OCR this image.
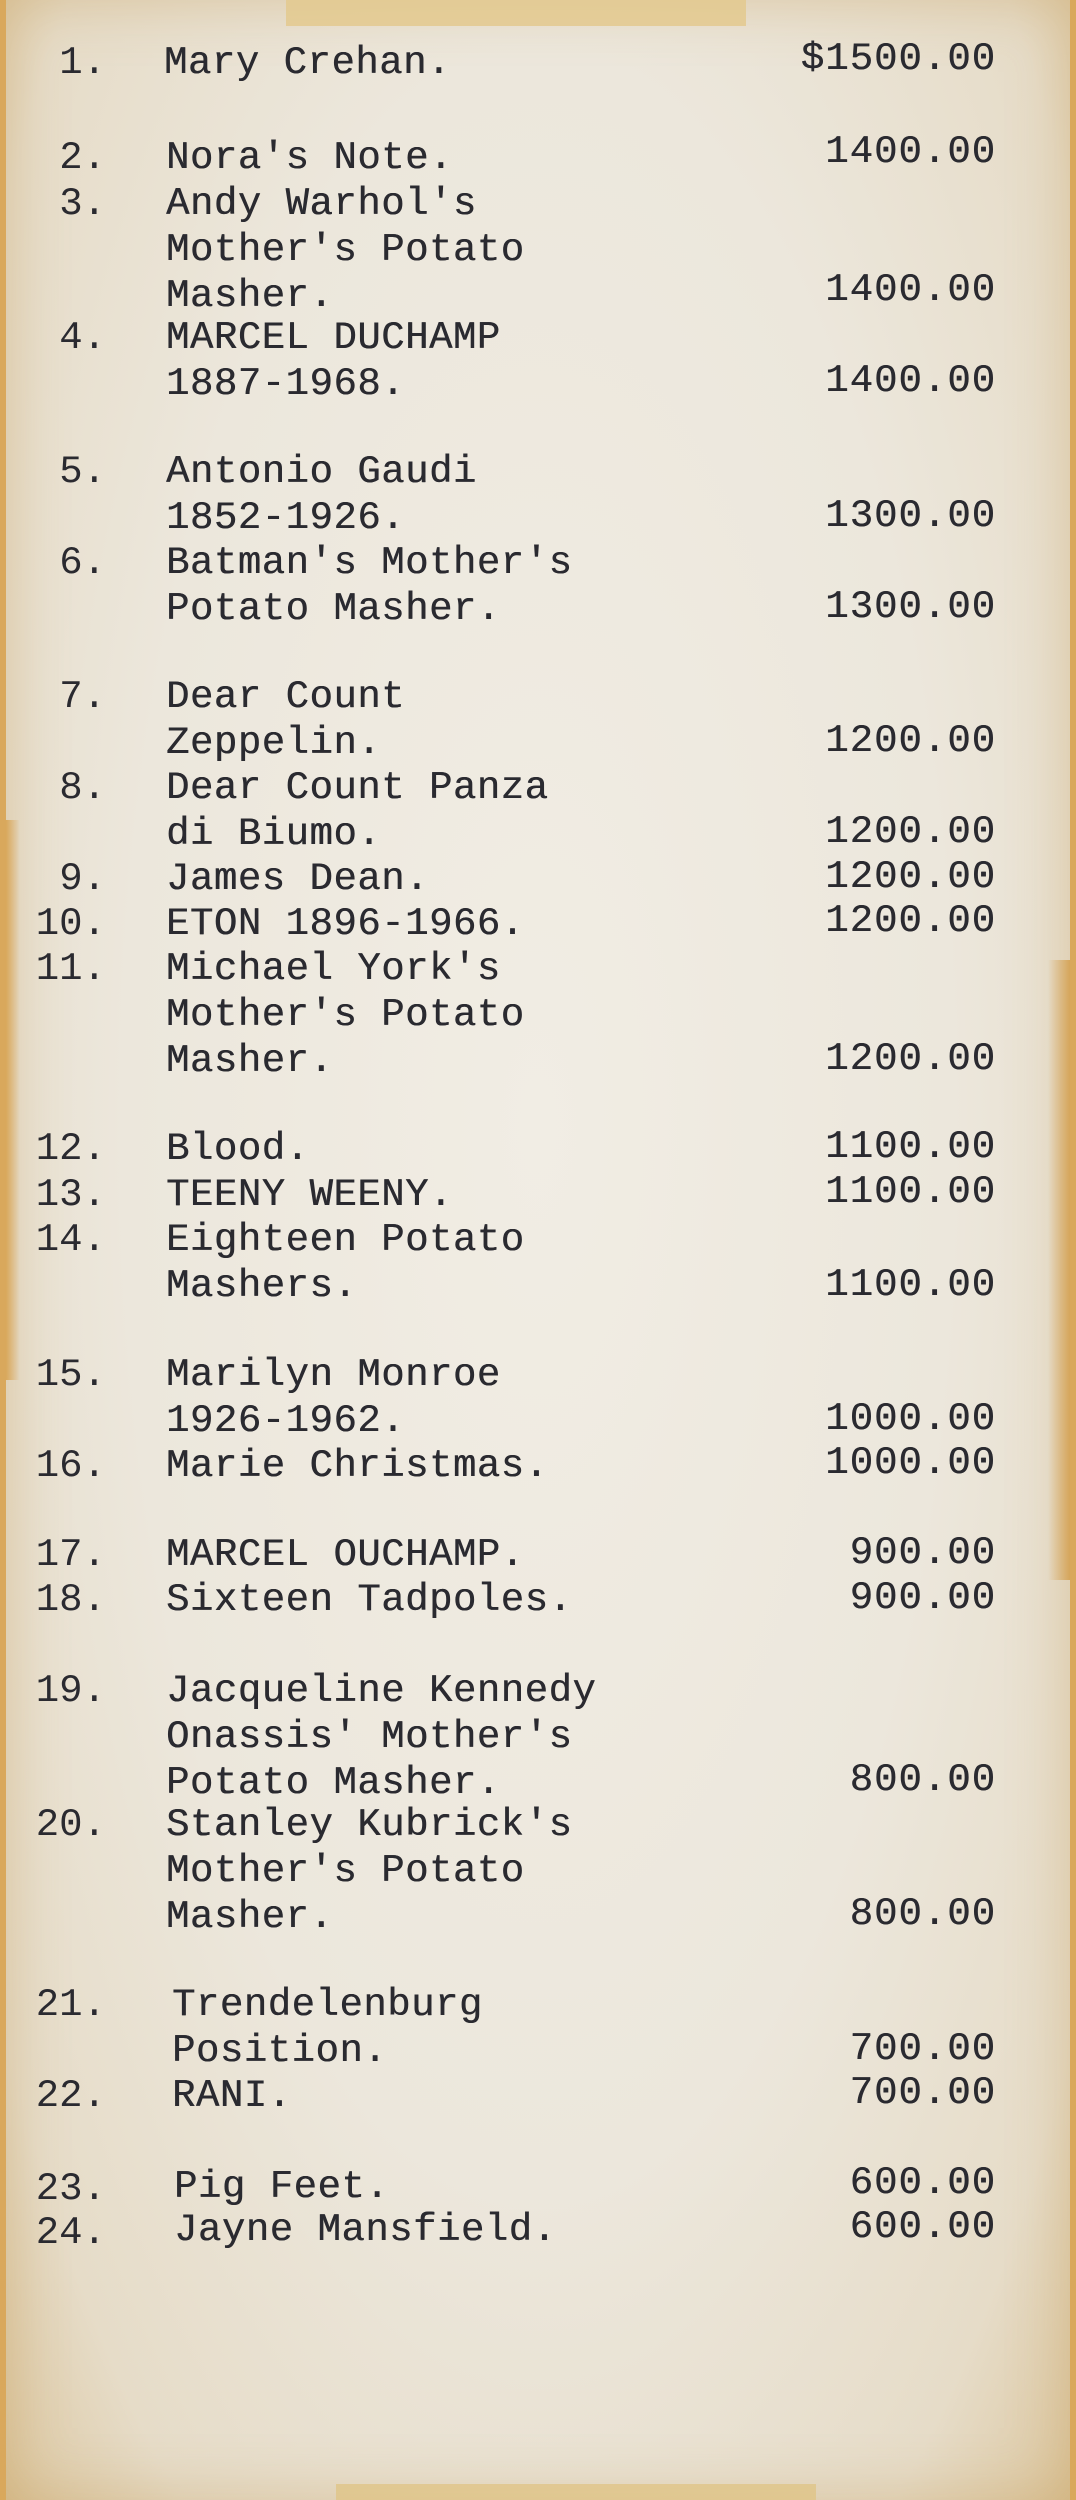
1. Mary Crehan.	$1500.00
2. Nora's Note.	1400.00
3. Andy Warhol's
Mother's Potato
Masher.	1400.00
4. MARCEL DUCHAMP
1887-1968.	1400.00
5. Antonio Gaudi
1852-1926.	1300.00
6. Batman's Mother's
Potato Masher.	1300.00
7. Dear Count
Zeppelin.	1200.00
8. Dear Count Panza
di Biumo.	1200.00
9. James Dean.	1200.00
10. ETON 1896-1966.	1200.00
11. Michael York's
Mother's Potato
Masher.	1200.00
12. Blood.	1100.00
13. TEENY WEENY.	1100.00
14. Eighteen Potato
Mashers.	1100.00
15. Marilyn Monroe
1926-1962.	1000.00
16. Marie Christmas.	1000.00
17. MARCEL OUCHAMP.	900.00
18. Sixteen Tadpoles.	900.00
19. Jacqueline Kennedy
Onassis' Mother's
Potato Masher.	800.00
20. Stanley Kubrick's
Mother's Potato
Masher.	800.00
21. Trendelenburg
Position.	700.00
22. RANI.	700.00
23. Pig Feet.	600.00
24. Jayne Mansfield.	600.00
